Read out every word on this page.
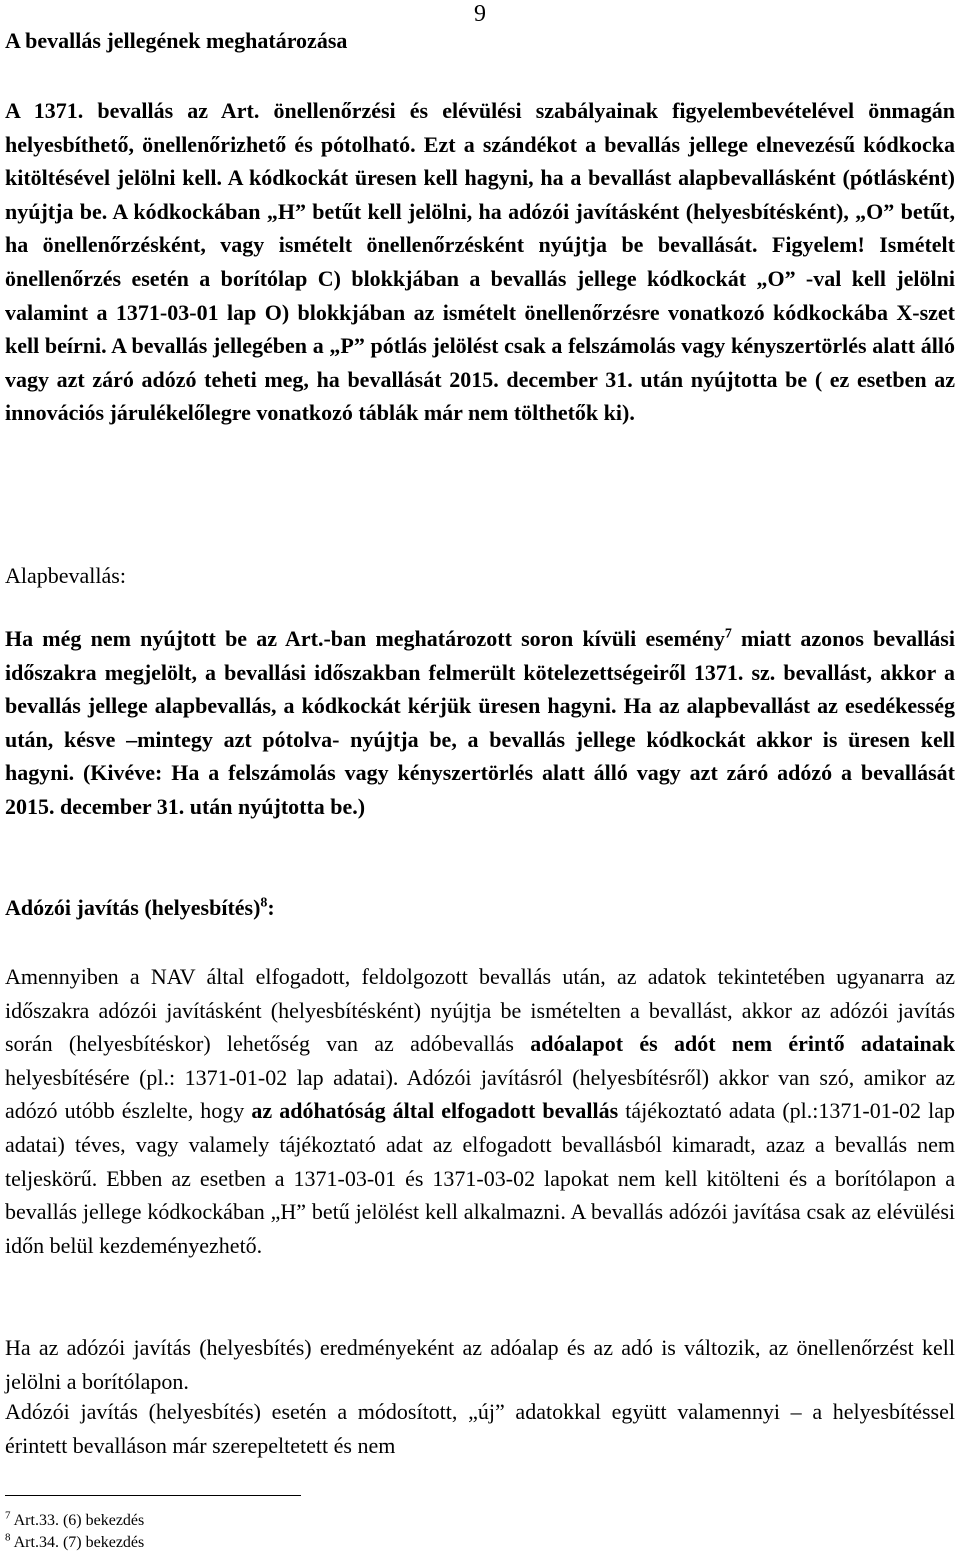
9
A bevallás jellegének meghatározása

A 1371. bevallás az Art. önellenőrzési és elévülési szabályainak figyelembevételével önmagán helyesbíthető, önellenőrizhető és pótolható. Ezt a szándékot a bevallás jellege elnevezésű kódkocka kitöltésével jelölni kell. A kódkockát üresen kell hagyni, ha a bevallást alapbevallásként (pótlásként) nyújtja be. A kódkockában „H” betűt kell jelölni, ha adózói javításként (helyesbítésként), „O” betűt, ha önellenőrzésként, vagy ismételt önellenőrzésként nyújtja be bevallását. Figyelem! Ismételt önellenőrzés esetén a borítólap C) blokkjában a bevallás jellege kódkockát „O” -val kell jelölni valamint a 1371-03-01 lap O) blokkjában az ismételt önellenőrzésre vonatkozó kódkockába X-szet kell beírni. A bevallás jellegében a „P” pótlás jelölést csak a felszámolás vagy kényszertörlés alatt álló vagy azt záró adózó teheti meg, ha bevallását 2015. december 31. után nyújtotta be ( ez esetben az innovációs járulékelőlegre vonatkozó táblák már nem tölthetők ki).

Alapbevallás:

Ha még nem nyújtott be az Art.-ban meghatározott soron kívüli esemény$^7$ miatt azonos bevallási időszakra megjelölt, a bevallási időszakban felmerült kötelezettségeiről 1371. sz. bevallást, akkor a bevallás jellege alapbevallás, a kódkockát kérjük üresen hagyni. Ha az alapbevallást az esedékesség után, késve –mintegy azt pótolva- nyújtja be, a bevallás jellege kódkockát akkor is üresen kell hagyni. (Kivéve: Ha a felszámolás vagy kényszertörlés alatt álló vagy azt záró adózó a bevallását 2015. december 31. után nyújtotta be.)

Adózói javítás (helyesbítés)$^8$:

Amennyiben a NAV által elfogadott, feldolgozott bevallás után, az adatok tekintetében ugyanarra az időszakra adózói javításként (helyesbítésként) nyújtja be ismételten a bevallást, akkor az adózói javítás során (helyesbítéskor) lehetőség van az adóbevallás adóalapot és adót nem érintő adatainak helyesbítésére (pl.: 1371-01-02 lap adatai). Adózói javításról (helyesbítésről) akkor van szó, amikor az adózó utóbb észlelte, hogy az adóhatóság által elfogadott bevallás tájékoztató adata (pl.:1371-01-02 lap adatai) téves, vagy valamely tájékoztató adat az elfogadott bevallásból kimaradt, azaz a bevallás nem teljeskörű. Ebben az esetben a 1371-03-01 és 1371-03-02 lapokat nem kell kitölteni és a borítólapon a bevallás jellege kódkockában „H” betű jelölést kell alkalmazni. A bevallás adózói javítása csak az elévülési időn belül kezdeményezhető.

Ha az adózói javítás (helyesbítés) eredményeként az adóalap és az adó is változik, az önellenőrzést kell jelölni a borítólapon.

Adózói javítás (helyesbítés) esetén a módosított, „új” adatokkal együtt valamennyi – a helyesbítéssel érintett bevalláson már szerepeltetett és nem

$^7$ Art.33. (6) bekezdés
$^8$ Art.34. (7) bekezdés
